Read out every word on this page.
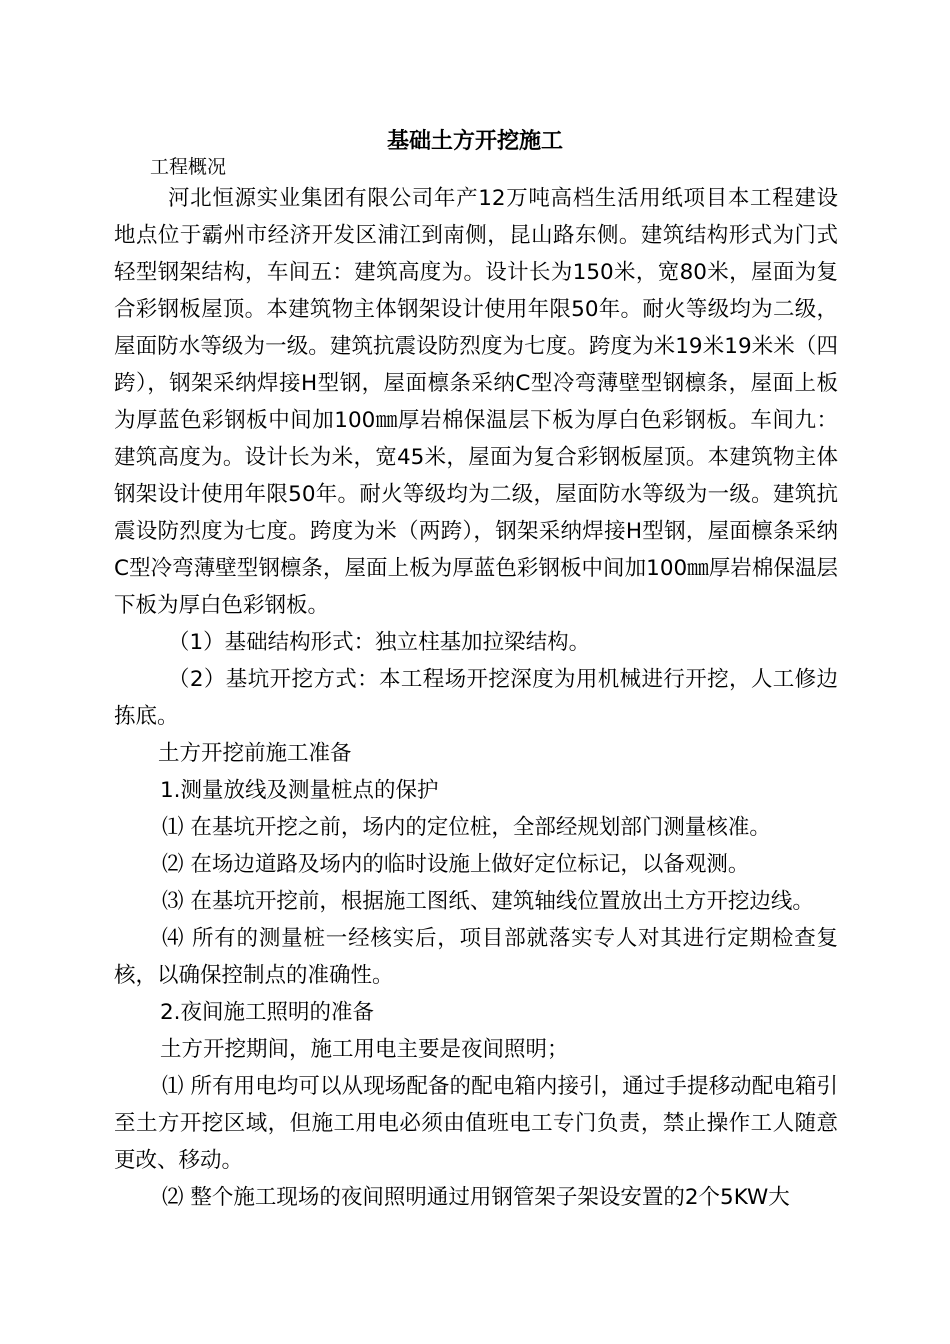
基础土方开挖施工
工程概况

河北恒源实业集团有限公司年产12万吨高档生活用纸项目本工程建设地点位于霸州市经济开发区浦江到南侧，昆山路东侧。建筑结构形式为门式轻型钢架结构，车间五：建筑高度为。设计长为150米，宽80米，屋面为复合彩钢板屋顶。本建筑物主体钢架设计使用年限50年。耐火等级均为二级，屋面防水等级为一级。建筑抗震设防烈度为七度。跨度为米19米19米米（四跨），钢架采纳焊接H型钢，屋面檩条采纳C型冷弯薄壁型钢檩条，屋面上板为厚蓝色彩钢板中间加100㎜厚岩棉保温层下板为厚白色彩钢板。车间九：建筑高度为。设计长为米，宽45米，屋面为复合彩钢板屋顶。本建筑物主体钢架设计使用年限50年。耐火等级均为二级，屋面防水等级为一级。建筑抗震设防烈度为七度。跨度为米（两跨），钢架采纳焊接H型钢，屋面檩条采纳C型冷弯薄壁型钢檩条，屋面上板为厚蓝色彩钢板中间加100㎜厚岩棉保温层下板为厚白色彩钢板。

（1）基础结构形式：独立柱基加拉梁结构。

（2）基坑开挖方式：本工程场开挖深度为用机械进行开挖，人工修边拣底。

土方开挖前施工准备
1.测量放线及测量桩点的保护
⑴ 在基坑开挖之前，场内的定位桩，全部经规划部门测量核准。
⑵ 在场边道路及场内的临时设施上做好定位标记，以备观测。
⑶ 在基坑开挖前，根据施工图纸、建筑轴线位置放出土方开挖边线。

⑷ 所有的测量桩一经核实后，项目部就落实专人对其进行定期检查复核，以确保控制点的准确性。

2.夜间施工照明的准备
土方开挖期间，施工用电主要是夜间照明；

⑴ 所有用电均可以从现场配备的配电箱内接引，通过手提移动配电箱引至土方开挖区域，但施工用电必须由值班电工专门负责，禁止操作工人随意更改、移动。

⑵ 整个施工现场的夜间照明通过用钢管架子架设安置的2个5KW大
